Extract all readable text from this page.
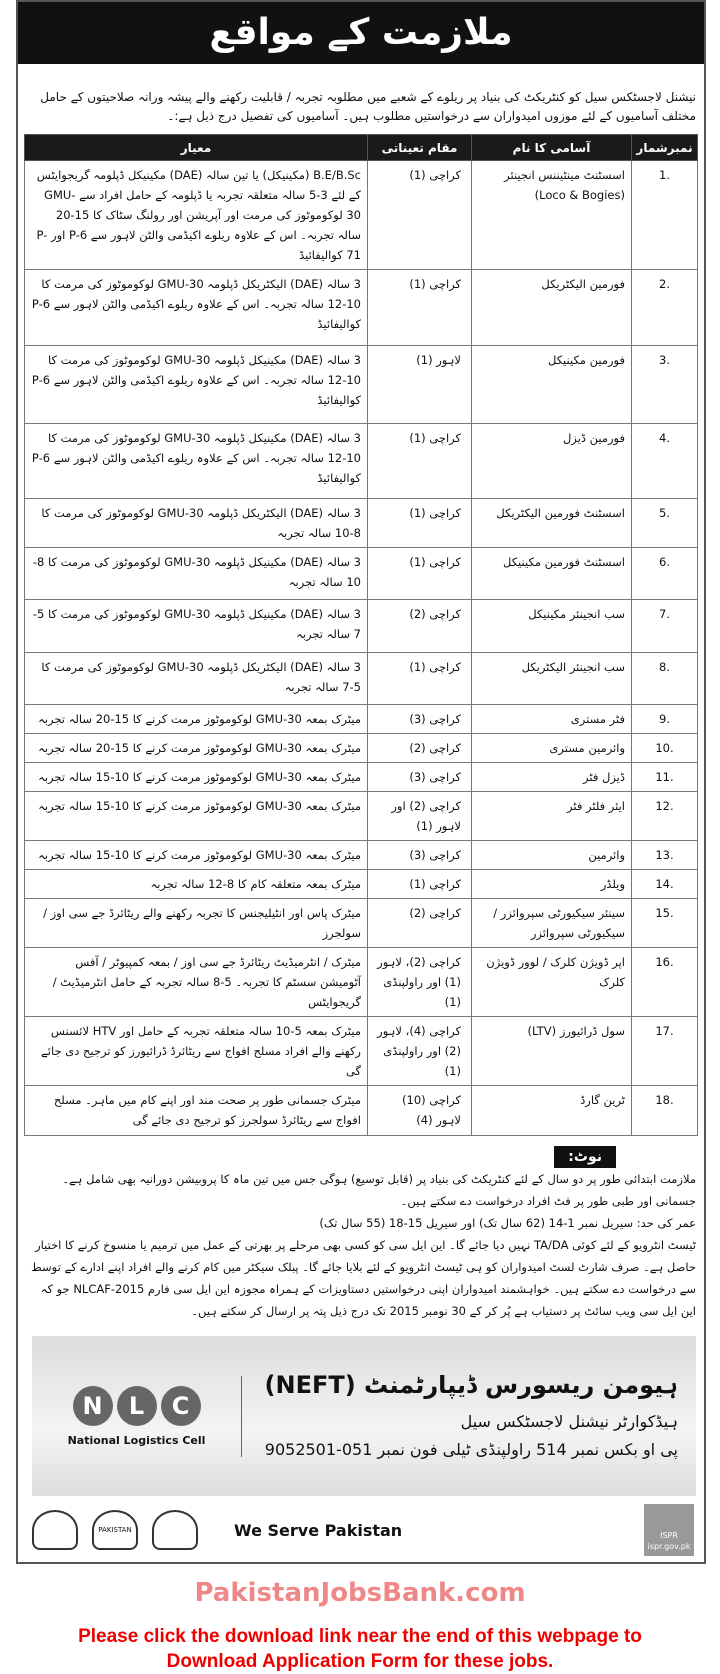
ملازمت کے مواقع
نیشنل لاجسٹکس سیل کو کنٹریکٹ کی بنیاد پر ریلوے کے شعبے میں مطلوبہ تجربہ / قابلیت رکھنے والے پیشہ ورانہ صلاحیتوں کے حامل مختلف آسامیوں کے لئے موزوں امیدواران سے درخواستیں مطلوب ہیں۔ آسامیوں کی تفصیل درج ذیل ہے:۔
نمبرشمار	آسامی کا نام	مقام تعیناتی	معیار
1.	اسسٹنٹ مینٹیننس انجینئر (Loco & Bogies)	کراچی (1)	B.E/B.Sc (مکینیکل) یا تین سالہ (DAE) مکینیکل ڈپلومہ گریجوایٹس کے لئے 3-5 سالہ متعلقہ تجربہ یا ڈپلومہ کے حامل افراد سے GMU-30 لوکوموٹوز کی مرمت اور آپریشن اور رولنگ سٹاک کا 15-20 سالہ تجربہ۔ اس کے علاوہ ریلوے اکیڈمی والٹن لاہور سے P-6 اور P-71 کوالیفائیڈ
2.	فورمین الیکٹریکل	کراچی (1)	3 سالہ (DAE) الیکٹریکل ڈپلومہ GMU-30 لوکوموٹوز کی مرمت کا 10-12 سالہ تجربہ۔ اس کے علاوہ ریلوے اکیڈمی والٹن لاہور سے P-6 کوالیفائیڈ
3.	فورمین مکینیکل	لاہور (1)	3 سالہ (DAE) مکینیکل ڈپلومہ GMU-30 لوکوموٹوز کی مرمت کا 10-12 سالہ تجربہ۔ اس کے علاوہ ریلوے اکیڈمی والٹن لاہور سے P-6 کوالیفائیڈ
4.	فورمین ڈیزل	کراچی (1)	3 سالہ (DAE) مکینیکل ڈپلومہ GMU-30 لوکوموٹوز کی مرمت کا 10-12 سالہ تجربہ۔ اس کے علاوہ ریلوے اکیڈمی والٹن لاہور سے P-6 کوالیفائیڈ
5.	اسسٹنٹ فورمین الیکٹریکل	کراچی (1)	3 سالہ (DAE) الیکٹریکل ڈپلومہ GMU-30 لوکوموٹوز کی مرمت کا 8-10 سالہ تجربہ
6.	اسسٹنٹ فورمین مکینیکل	کراچی (1)	3 سالہ (DAE) مکینیکل ڈپلومہ GMU-30 لوکوموٹوز کی مرمت کا 8-10 سالہ تجربہ
7.	سب انجینئر مکینیکل	کراچی (2)	3 سالہ (DAE) مکینیکل ڈپلومہ GMU-30 لوکوموٹوز کی مرمت کا 5-7 سالہ تجربہ
8.	سب انجینئر الیکٹریکل	کراچی (1)	3 سالہ (DAE) الیکٹریکل ڈپلومہ GMU-30 لوکوموٹوز کی مرمت کا 5-7 سالہ تجربہ
9.	فٹر مستری	کراچی (3)	میٹرک بمعہ GMU-30 لوکوموٹوز مرمت کرنے کا 15-20 سالہ تجربہ
10.	وائرمین مستری	کراچی (2)	میٹرک بمعہ GMU-30 لوکوموٹوز مرمت کرنے کا 15-20 سالہ تجربہ
11.	ڈیزل فٹر	کراچی (3)	میٹرک بمعہ GMU-30 لوکوموٹوز مرمت کرنے کا 10-15 سالہ تجربہ
12.	ایئر فلٹر فٹر	کراچی (2) اور لاہور (1)	میٹرک بمعہ GMU-30 لوکوموٹوز مرمت کرنے کا 10-15 سالہ تجربہ
13.	وائرمین	کراچی (3)	میٹرک بمعہ GMU-30 لوکوموٹوز مرمت کرنے کا 10-15 سالہ تجربہ
14.	ویلڈر	کراچی (1)	میٹرک بمعہ متعلقہ کام کا 8-12 سالہ تجربہ
15.	سینئر سیکیورٹی سپروائزر / سیکیورٹی سپروائزر	کراچی (2)	میٹرک پاس اور انٹیلیجنس کا تجربہ رکھنے والے ریٹائرڈ جے سی اوز / سولجرز
16.	اپر ڈویژن کلرک / لوور ڈویژن کلرک	کراچی (2)، لاہور (1) اور راولپنڈی (1)	میٹرک / انٹرمیڈیٹ ریٹائرڈ جے سی اوز / بمعہ کمپیوٹر / آفس آٹومیشن سسٹم کا تجربہ۔ 5-8 سالہ تجربہ کے حامل انٹرمیڈیٹ / گریجوایٹس
17.	سول ڈرائیورز (LTV)	کراچی (4)، لاہور (2) اور راولپنڈی (1)	میٹرک بمعہ 5-10 سالہ متعلقہ تجربہ کے حامل اور HTV لائسنس رکھنے والے افراد مسلح افواج سے ریٹائرڈ ڈرائیورز کو ترجیح دی جائے گی
18.	ٹرین گارڈ	کراچی (10) لاہور (4)	میٹرک جسمانی طور پر صحت مند اور اپنے کام میں ماہر۔ مسلح افواج سے ریٹائرڈ سولجرز کو ترجیح دی جائے گی
نوٹ:

ملازمت ابتدائی طور پر دو سال کے لئے کنٹریکٹ کی بنیاد پر (قابل توسیع) ہوگی جس میں تین ماہ کا پروبیشن دورانیہ بھی شامل ہے۔ جسمانی اور طبی طور پر فٹ افراد درخواست دے سکتے ہیں۔

عمر کی حد: سیریل نمبر 1-14 (62 سال تک) اور سیریل 15-18 (55 سال تک)

ٹیسٹ انٹرویو کے لئے کوئی TA/DA نہیں دیا جائے گا۔ این ایل سی کو کسی بھی مرحلے پر بھرتی کے عمل میں ترمیم یا منسوخ کرنے کا اختیار حاصل ہے۔ صرف شارٹ لسٹ امیدواران کو ہی ٹیسٹ انٹرویو کے لئے بلایا جائے گا۔ پبلک سیکٹر میں کام کرنے والے افراد اپنے ادارے کے توسط سے درخواست دے سکتے ہیں۔ خواہشمند امیدواران اپنی درخواستیں دستاویزات کے ہمراہ مجوزہ این ایل سی فارم NLCAF-2015 جو کہ این ایل سی ویب سائٹ پر دستیاب ہے پُر کر کے 30 نومبر 2015 تک درج ذیل پتہ پر ارسال کر سکتے ہیں۔

N	L	C
National Logistics Cell
ہیومن ریسورس ڈیپارٹمنٹ (NEFT)
ہیڈکوارٹر نیشنل لاجسٹکس سیل
پی او بکس نمبر 514 راولپنڈی ٹیلی فون نمبر 051-9052501
PAKISTAN	We Serve Pakistan	ISPR
ispr.gov.pk
PakistanJobsBank.com
Please click the download link near the end of this webpage to
Download Application Form for these jobs.
